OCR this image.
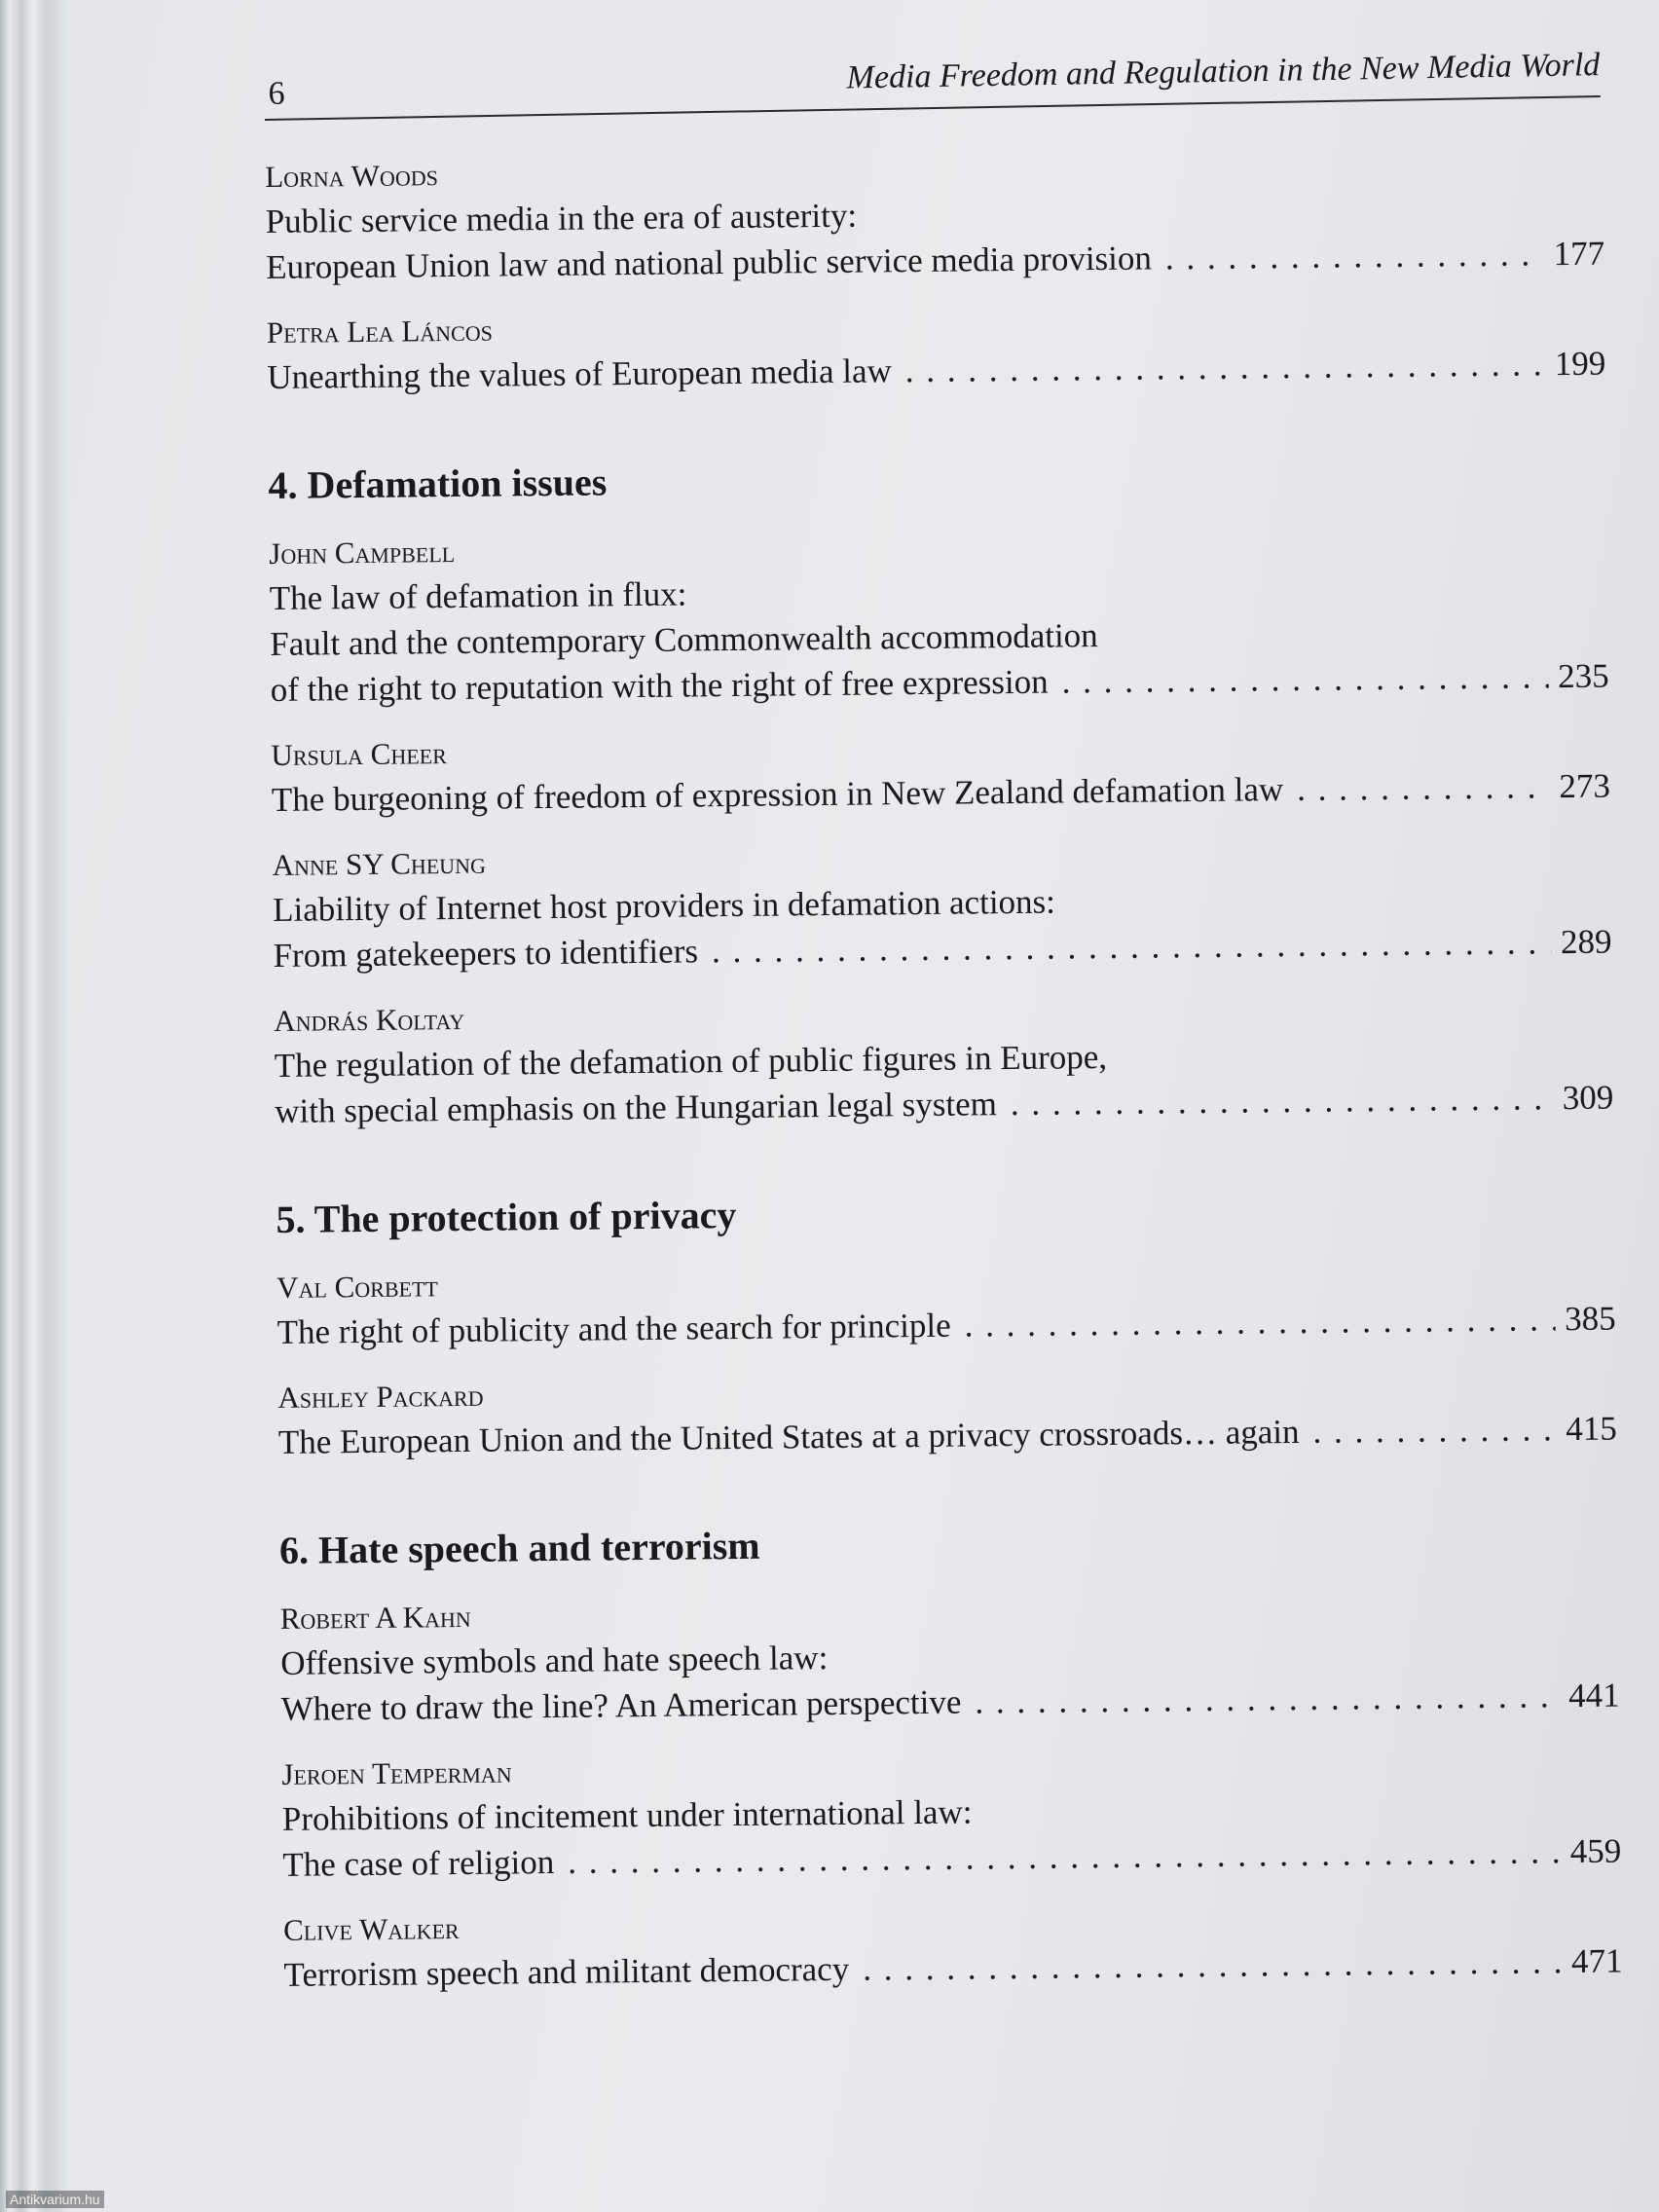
6	Media Freedom and Regulation in the New Media World
Lorna Woods
Public service media in the era of austerity:
European Union law and national public service media provision . . .	177
Petra Lea Láncos
Unearthing the values of European media law . . .	199
4. Defamation issues
John Campbell
The law of defamation in flux:
Fault and the contemporary Commonwealth accommodation
of the right to reputation with the right of free expression . . .	235
Ursula Cheer
The burgeoning of freedom of expression in New Zealand defamation law . . .	273
Anne SY Cheung
Liability of Internet host providers in defamation actions:
From gatekeepers to identifiers . . .	289
András Koltay
The regulation of the defamation of public figures in Europe,
with special emphasis on the Hungarian legal system . . .	309
5. The protection of privacy
Val Corbett
The right of publicity and the search for principle . . .	385
Ashley Packard
The European Union and the United States at a privacy crossroads… again . . .	415
6. Hate speech and terrorism
Robert A Kahn
Offensive symbols and hate speech law:
Where to draw the line? An American perspective . . .	441
Jeroen Temperman
Prohibitions of incitement under international law:
The case of religion . . .	459
Clive Walker
Terrorism speech and militant democracy . . .	471
Antikvarium.hu
